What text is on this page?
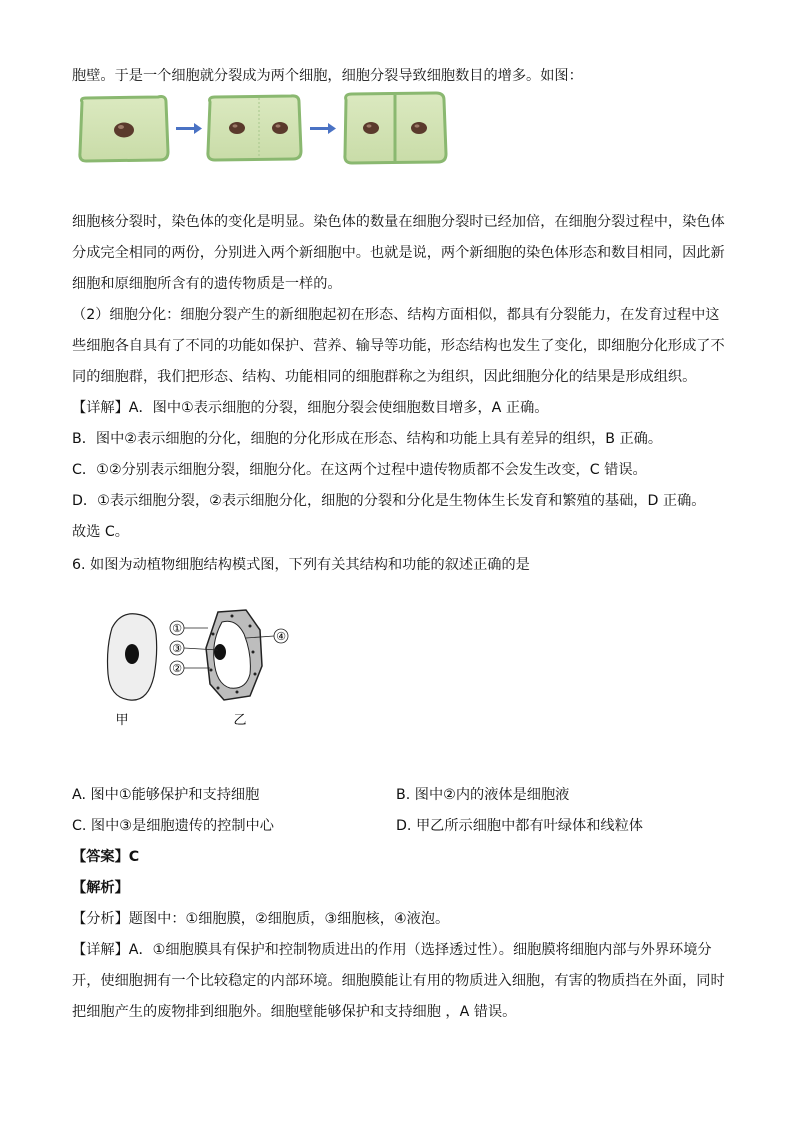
胞壁。于是一个细胞就分裂成为两个细胞，细胞分裂导致细胞数目的增多。如图：
细胞核分裂时，染色体的变化是明显。染色体的数量在细胞分裂时已经加倍，在细胞分裂过程中，染色体
分成完全相同的两份，分别进入两个新细胞中。也就是说，两个新细胞的染色体形态和数目相同，因此新
细胞和原细胞所含有的遗传物质是一样的。
（2）细胞分化：细胞分裂产生的新细胞起初在形态、结构方面相似，都具有分裂能力，在发育过程中这
些细胞各自具有了不同的功能如保护、营养、输导等功能，形态结构也发生了变化，即细胞分化形成了不
同的细胞群，我们把形态、结构、功能相同的细胞群称之为组织，因此细胞分化的结果是形成组织。
【详解】A．图中①表示细胞的分裂，细胞分裂会使细胞数目增多，A 正确。
B．图中②表示细胞的分化，细胞的分化形成在形态、结构和功能上具有差异的组织，B 正确。
C．①②分别表示细胞分裂，细胞分化。在这两个过程中遗传物质都不会发生改变，C 错误。
D．①表示细胞分裂，②表示细胞分化，细胞的分裂和分化是生物体生长发育和繁殖的基础，D 正确。
故选 C。
6. 如图为动植物细胞结构模式图，下列有关其结构和功能的叙述正确的是
①
③
②
④
甲	乙
A. 图中①能够保护和支持细胞	B. 图中②内的液体是细胞液
C. 图中③是细胞遗传的控制中心	D. 甲乙所示细胞中都有叶绿体和线粒体
【答案】C
【解析】
【分析】题图中：①细胞膜，②细胞质，③细胞核，④液泡。
【详解】A．①细胞膜具有保护和控制物质进出的作用（选择透过性）。细胞膜将细胞内部与外界环境分
开，使细胞拥有一个比较稳定的内部环境。细胞膜能让有用的物质进入细胞，有害的物质挡在外面，同时
把细胞产生的废物排到细胞外。细胞壁能够保护和支持细胞 ，A 错误。
